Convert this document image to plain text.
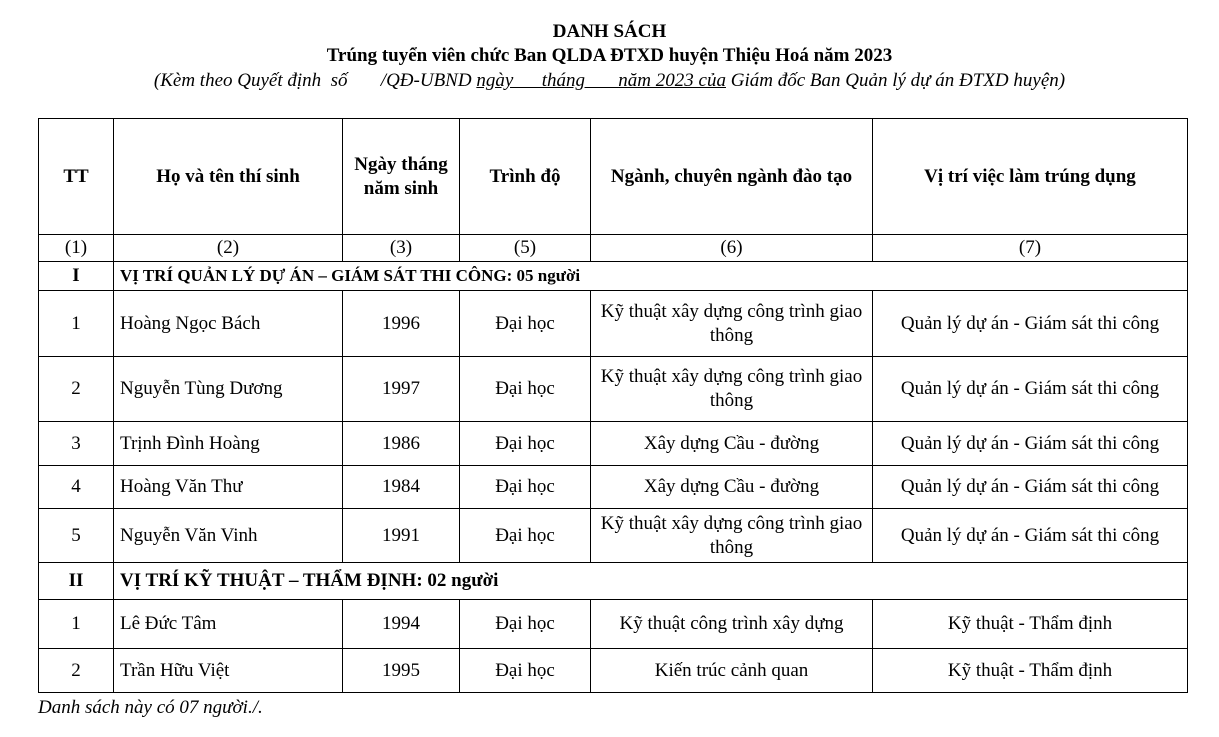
DANH SÁCH
Trúng tuyển viên chức Ban QLDA ĐTXD huyện Thiệu Hoá năm 2023
(Kèm theo Quyết định  số       /QĐ-UBND ngày      tháng       năm 2023 của Giám đốc Ban Quản lý dự án ĐTXD huyện)
TT	Họ và tên thí sinh	Ngày tháng năm sinh	Trình độ	Ngành, chuyên ngành đào tạo	Vị trí việc làm trúng dụng
(1)	(2)	(3)	(5)	(6)	(7)
I	VỊ TRÍ QUẢN LÝ DỰ ÁN – GIÁM SÁT THI CÔNG: 05 người				
1	Hoàng Ngọc Bách	1996	Đại học	Kỹ thuật xây dựng công trình giao thông	Quản lý dự án - Giám sát thi công
2	Nguyễn Tùng Dương	1997	Đại học	Kỹ thuật xây dựng công trình giao thông	Quản lý dự án - Giám sát thi công
3	Trịnh Đình Hoàng	1986	Đại học	Xây dựng Cầu - đường	Quản lý dự án - Giám sát thi công
4	Hoàng Văn Thư	1984	Đại học	Xây dựng Cầu - đường	Quản lý dự án - Giám sát thi công
5	Nguyễn Văn Vinh	1991	Đại học	Kỹ thuật xây dựng công trình giao thông	Quản lý dự án - Giám sát thi công
II	VỊ TRÍ KỸ THUẬT – THẨM ĐỊNH: 02 người				
1	Lê Đức Tâm	1994	Đại học	Kỹ thuật công trình xây dựng	Kỹ thuật - Thẩm định
2	Trần Hữu Việt	1995	Đại học	Kiến trúc cảnh quan	Kỹ thuật - Thẩm định
Danh sách này có 07 người./.
